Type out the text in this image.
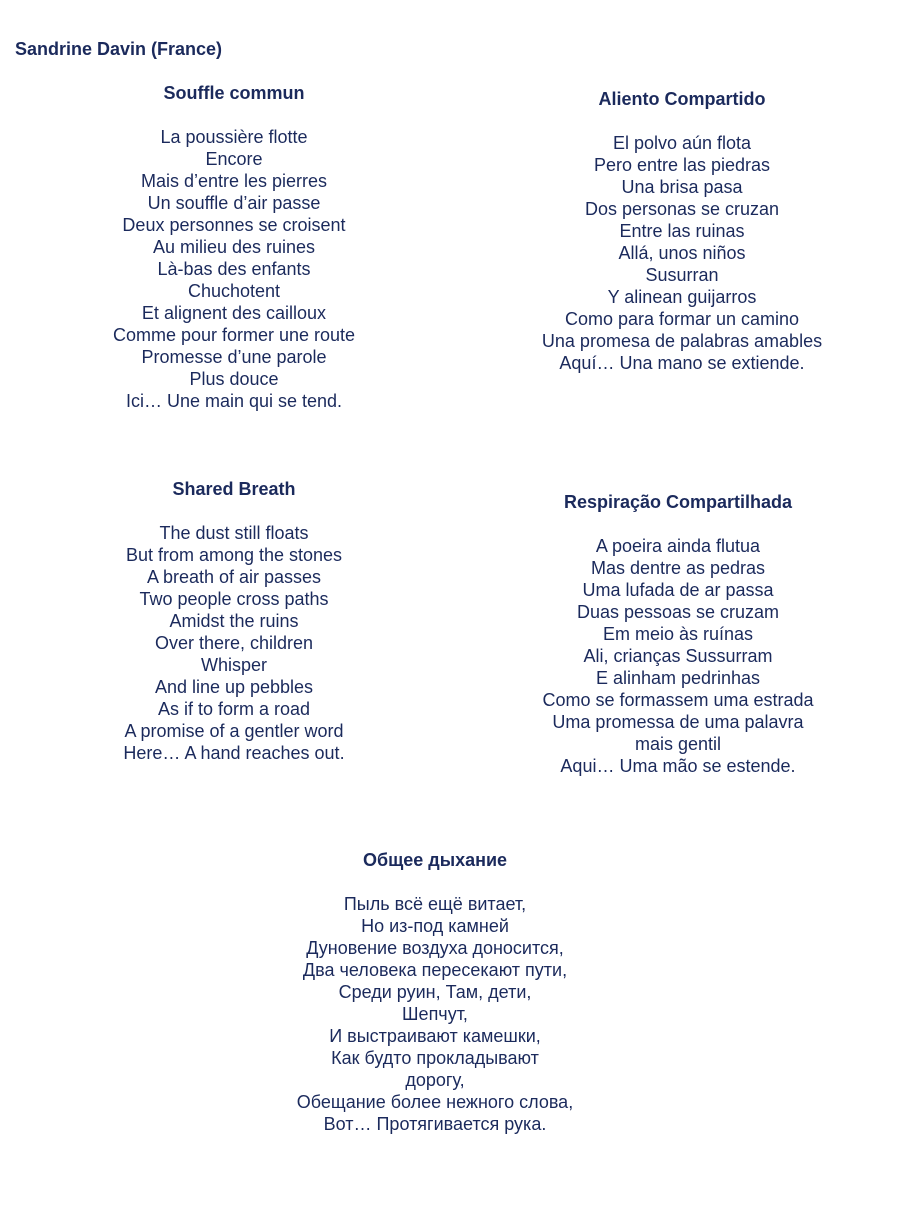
Sandrine Davin (France)
Souffle commun
La poussière flotte
Encore
Mais d’entre les pierres
Un souffle d’air passe
Deux personnes se croisent
Au milieu des ruines
Là-bas des enfants
Chuchotent
Et alignent des cailloux
Comme pour former une route
Promesse d’une parole
Plus douce
Ici… Une main qui se tend.
Aliento Compartido
El polvo aún flota
Pero entre las piedras
Una brisa pasa
Dos personas se cruzan
Entre las ruinas
Allá, unos niños
Susurran
Y alinean guijarros
Como para formar un camino
Una promesa de palabras amables
Aquí… Una mano se extiende.
Shared Breath
The dust still floats
But from among the stones
A breath of air passes
Two people cross paths
Amidst the ruins
Over there, children
Whisper
And line up pebbles
As if to form a road
A promise of a gentler word
Here… A hand reaches out.
Respiração Compartilhada
A poeira ainda flutua
Mas dentre as pedras
Uma lufada de ar passa
Duas pessoas se cruzam
Em meio às ruínas
Ali, crianças Sussurram
E alinham pedrinhas
Como se formassem uma estrada
Uma promessa de uma palavra
mais gentil
Aqui… Uma mão se estende.
Общее дыхание
Пыль всё ещё витает,
Но из-под камней
Дуновение воздуха доносится,
Два человека пересекают пути,
Среди руин, Там, дети,
Шепчут,
И выстраивают камешки,
Как будто прокладывают
дорогу,
Обещание более нежного слова,
Вот… Протягивается рука.
